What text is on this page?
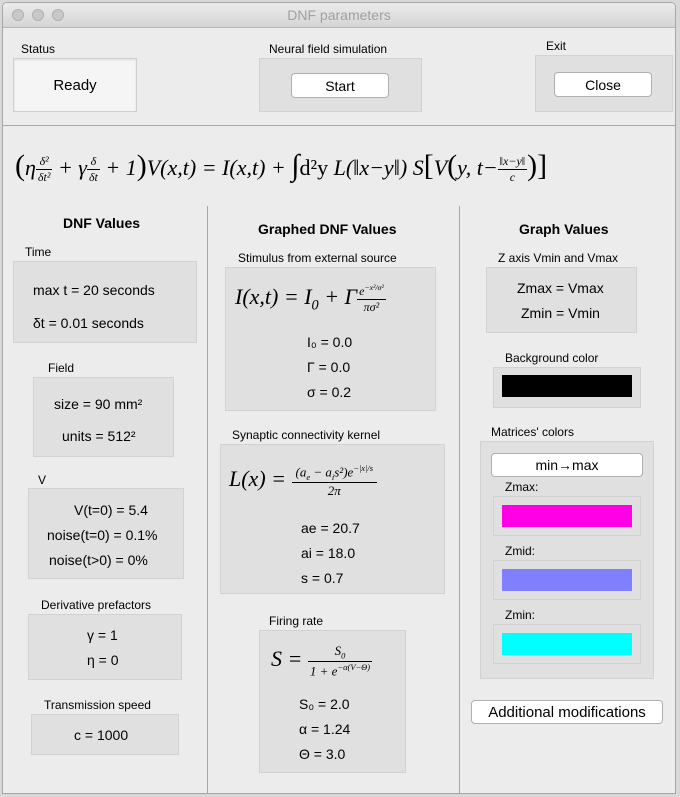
DNF parameters
Status
Ready
Neural field simulation
Start
Exit
Close
$(\eta \frac{\text{δ²}}{\text{δt²}} + \gamma \frac{\delta}{\delta t} + 1)V(x,t) = I(x,t) + \int d^2y$ L(‖x−y‖) S[V(y, $t- \frac{‖x-y‖}{c}$ )]
DNF Values
Time
max t = 20 seconds
δt = 0.01 seconds
Field
size = 90 mm²
units = 512²
V
V(t=0) = 5.4
noise(t=0) = 0.1%
noise(t>0) = 0%
Derivative prefactors
γ = 1
η = 0
Transmission speed
c = 1000
Graphed DNF Values
Stimulus from external source
$I(x,t) = I_0 + \Gamma \frac{e^{-x^2/\sigma^2}}{\text{πσ²}}$
I₀ = 0.0
Γ = 0.0
σ = 0.2
Synaptic connectivity kernel
$L(x) = \frac{(a_e - a_is^2)e^{-|x|/s}}{2\pi}$
ae = 20.7
ai = 18.0
s = 0.7
Firing rate
$S = \frac{S_0}{1 + e^{-\alpha(V-\Theta)}}$
S₀ = 2.0
α = 1.24
Θ = 3.0
Graph Values
Z axis Vmin and Vmax
Zmax = Vmax
Zmin = Vmin
Background color
Matrices' colors
min→max
Zmax:
Zmid:
Zmin:
Additional modifications
